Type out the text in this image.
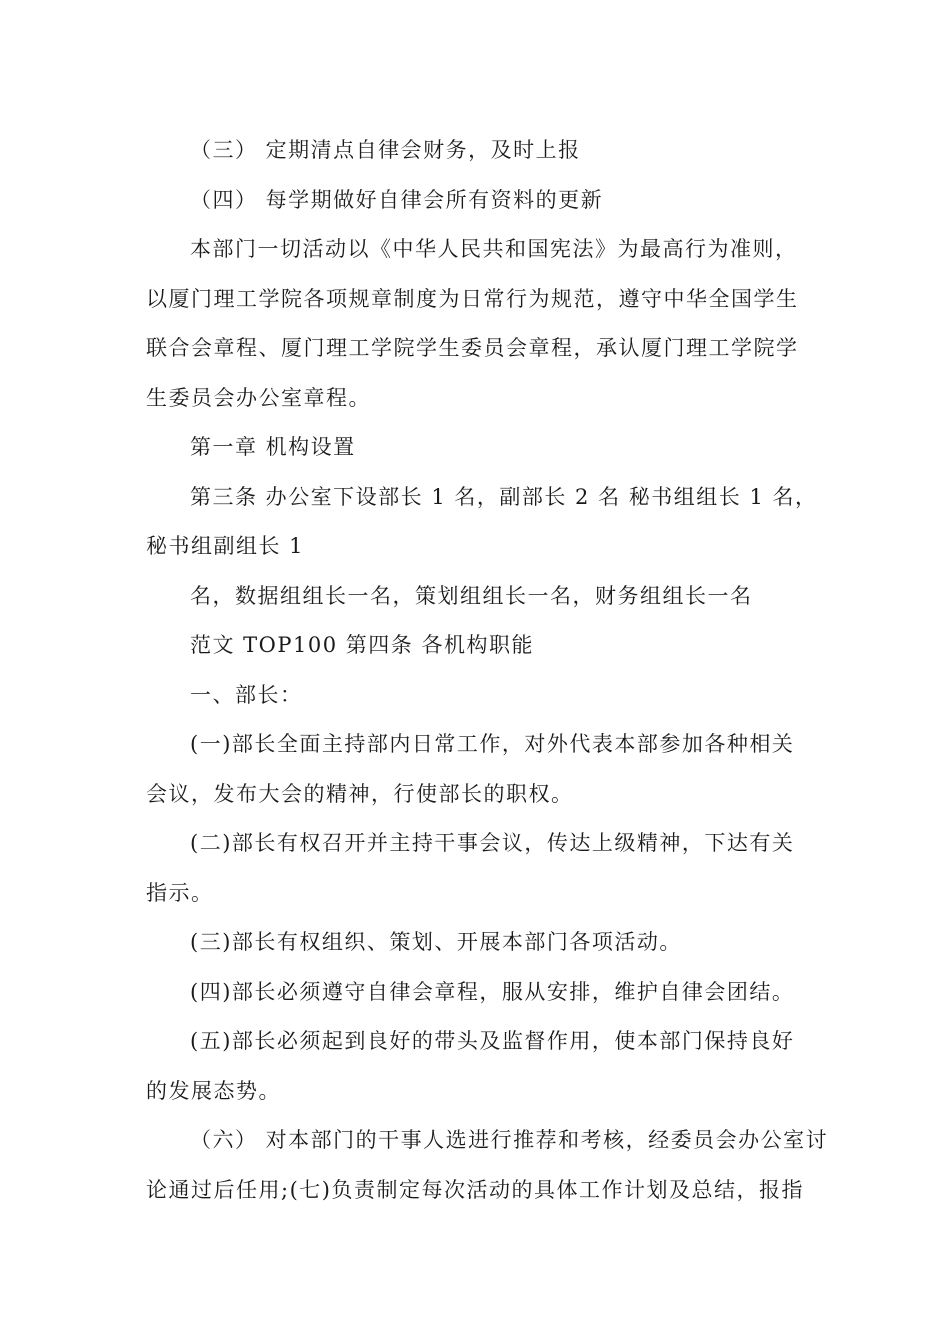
（三） 定期清点自律会财务，及时上报

（四） 每学期做好自律会所有资料的更新

本部门一切活动以《中华人民共和国宪法》为最高行为准则，

以厦门理工学院各项规章制度为日常行为规范，遵守中华全国学生

联合会章程、厦门理工学院学生委员会章程，承认厦门理工学院学

生委员会办公室章程。

第一章 机构设置

第三条 办公室下设部长 1 名，副部长 2 名 秘书组组长 1 名，

秘书组副组长 1

名，数据组组长一名，策划组组长一名，财务组组长一名

范文 TOP100 第四条 各机构职能

一、部长：

(一)部长全面主持部内日常工作，对外代表本部参加各种相关

会议，发布大会的精神，行使部长的职权。

(二)部长有权召开并主持干事会议，传达上级精神，下达有关

指示。

(三)部长有权组织、策划、开展本部门各项活动。

(四)部长必须遵守自律会章程，服从安排，维护自律会团结。

(五)部长必须起到良好的带头及监督作用，使本部门保持良好

的发展态势。

（六） 对本部门的干事人选进行推荐和考核，经委员会办公室讨

论通过后任用;(七)负责制定每次活动的具体工作计划及总结，报指
